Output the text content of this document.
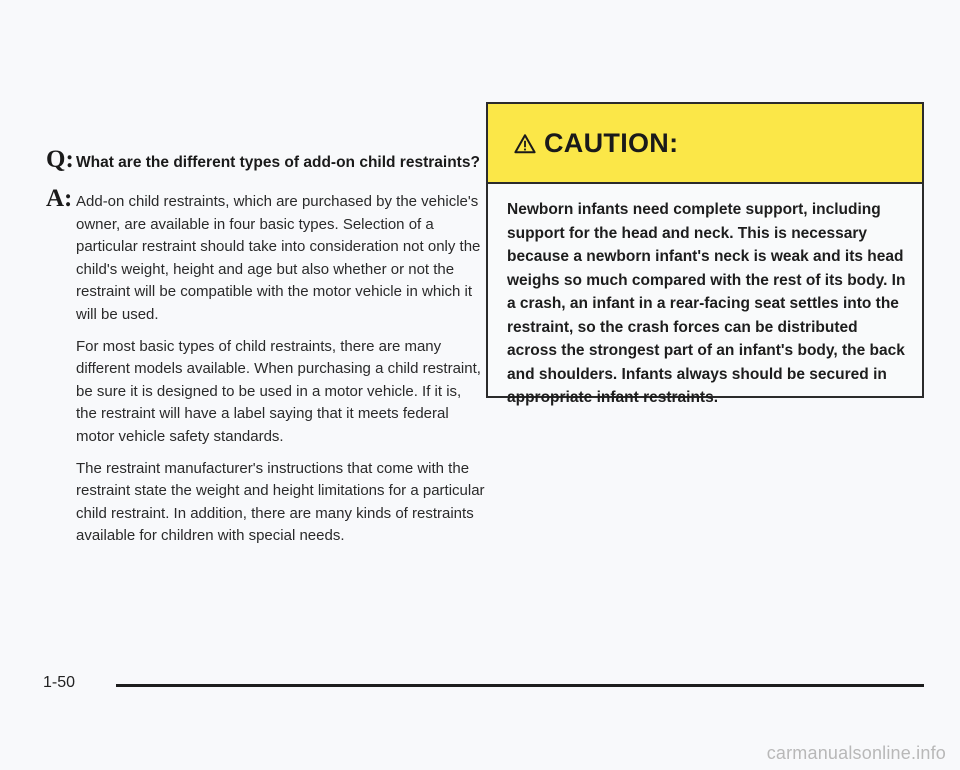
Q: What are the different types of add-on child restraints?
A: Add-on child restraints, which are purchased by the vehicle's owner, are available in four basic types. Selection of a particular restraint should take into consideration not only the child's weight, height and age but also whether or not the restraint will be compatible with the motor vehicle in which it will be used.

For most basic types of child restraints, there are many different models available. When purchasing a child restraint, be sure it is designed to be used in a motor vehicle. If it is, the restraint will have a label saying that it meets federal motor vehicle safety standards.

The restraint manufacturer's instructions that come with the restraint state the weight and height limitations for a particular child restraint. In addition, there are many kinds of restraints available for children with special needs.

CAUTION:
Newborn infants need complete support, including support for the head and neck. This is necessary because a newborn infant's neck is weak and its head weighs so much compared with the rest of its body. In a crash, an infant in a rear-facing seat settles into the restraint, so the crash forces can be distributed across the strongest part of an infant's body, the back and shoulders. Infants always should be secured in appropriate infant restraints.
1-50
carmanualsonline.info
